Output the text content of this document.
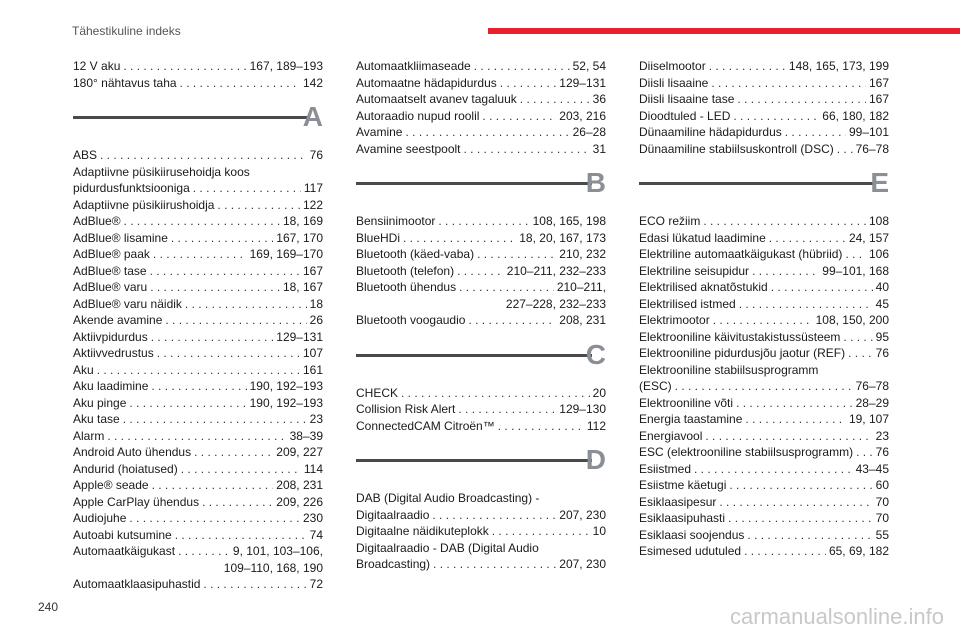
Tähestikuline indeks
12 V aku . . .	167, 189–193
180° nähtavus taha . . .	142
A
ABS . . .	76
Adaptiivne püsikiirusehoidja koos
pidurdusfunktsiooniga . . .	117
Adaptiivne püsikiirushoidja . . .	122
AdBlue® . . .	18, 169
AdBlue® lisamine . . .	167, 170
AdBlue® paak . . .	169, 169–170
AdBlue® tase . . .	167
AdBlue® varu . . .	18, 167
AdBlue® varu näidik . . .	18
Akende avamine . . .	26
Aktiivpidurdus . . .	129–131
Aktiivvedrustus . . .	107
Aku . . .	161
Aku laadimine . . .	190, 192–193
Aku pinge . . .	190, 192–193
Aku tase . . .	23
Alarm . . .	38–39
Android Auto ühendus . . .	209, 227
Andurid (hoiatused) . . .	114
Apple® seade . . .	208, 231
Apple CarPlay ühendus . . .	209, 226
Audiojuhe . . .	230
Autoabi kutsumine . . .	74
Automaatkäigukast . . .	9, 101, 103–106,
109–110, 168, 190
Automaatklaasipuhastid . . .	72
Automaatkliimaseade . . .	52, 54
Automaatne hädapidurdus . . .	129–131
Automaatselt avanev tagaluuk . . .	36
Autoraadio nupud roolil . . .	203, 216
Avamine . . .	26–28
Avamine seestpoolt . . .	31
B
Bensiinimootor . . .	108, 165, 198
BlueHDi . . .	18, 20, 167, 173
Bluetooth (käed-vaba) . . .	210, 232
Bluetooth (telefon) . . .	210–211, 232–233
Bluetooth ühendus . . .	210–211,
227–228, 232–233
Bluetooth voogaudio . . .	208, 231
C
CHECK . . .	20
Collision Risk Alert . . .	129–130
ConnectedCAM Citroën™ . . .	112
D
DAB (Digital Audio Broadcasting) -
Digitaalraadio . . .	207, 230
Digitaalne näidikuteplokk . . .	10
Digitaalraadio - DAB (Digital Audio
Broadcasting) . . .	207, 230
Diiselmootor . . .	148, 165, 173, 199
Diisli lisaaine . . .	167
Diisli lisaaine tase . . .	167
Dioodtuled - LED . . .	66, 180, 182
Dünaamiline hädapidurdus . . .	99–101
Dünaamiline stabiilsuskontroll (DSC) . . . 76–78
E
ECO režiim . . .	108
Edasi lükatud laadimine . . .	24, 157
Elektriline automaatkäigukast (hübriid) . . . 106
Elektriline seisupidur . . .	99–101, 168
Elektrilised aknatõstukid . . .	40
Elektrilised istmed . . .	45
Elektrimootor . . .	108, 150, 200
Elektrooniline käivitustakistussüsteem . . .	95
Elektrooniline pidurdusjõu jaotur (REF) . . .	76
Elektrooniline stabiilsusprogramm
(ESC) . . .	76–78
Elektrooniline võti . . .	28–29
Energia taastamine . . .	19, 107
Energiavool . . .	23
ESC (elektrooniline stabiilsusprogramm) . . . 76
Esiistmed . . .	43–45
Esiistme käetugi . . .	60
Esiklaasipesur . . .	70
Esiklaasipuhasti . . .	70
Esiklaasi soojendus . . .	55
Esimesed udutuled . . .	65, 69, 182
240	carmanualsonline.info
